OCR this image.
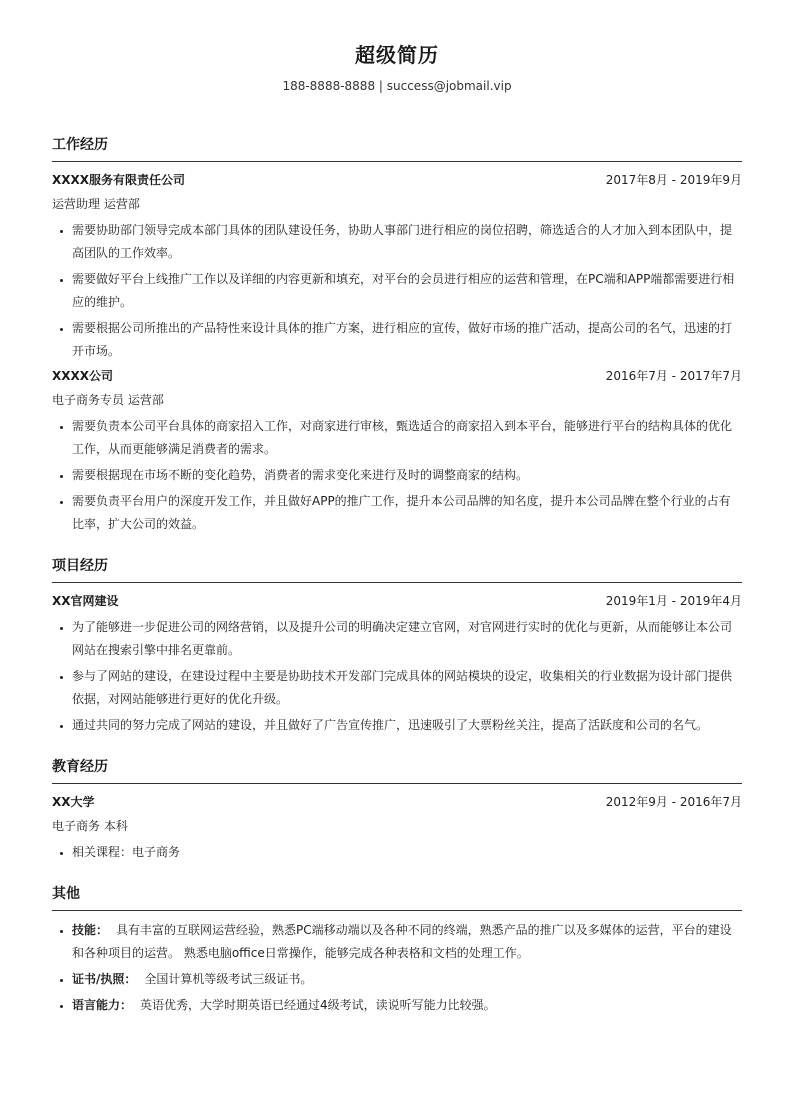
超级简历
188-8888-8888 | success@jobmail.vip
工作经历
XXXX服务有限责任公司	2017年8月 - 2019年9月
运营助理 运营部
• 需要协助部门领导完成本部门具体的团队建设任务，协助人事部门进行相应的岗位招聘，筛选适合的人才加入到本团队中，提高团队的工作效率。
• 需要做好平台上线推广工作以及详细的内容更新和填充，对平台的会员进行相应的运营和管理，在PC端和APP端都需要进行相应的维护。
• 需要根据公司所推出的产品特性来设计具体的推广方案，进行相应的宣传，做好市场的推广活动，提高公司的名气，迅速的打开市场。
XXXX公司	2016年7月 - 2017年7月
电子商务专员 运营部
• 需要负责本公司平台具体的商家招入工作，对商家进行审核，甄选适合的商家招入到本平台，能够进行平台的结构具体的优化工作，从而更能够满足消费者的需求。
• 需要根据现在市场不断的变化趋势，消费者的需求变化来进行及时的调整商家的结构。
• 需要负责平台用户的深度开发工作，并且做好APP的推广工作，提升本公司品牌的知名度，提升本公司品牌在整个行业的占有比率，扩大公司的效益。
项目经历
XX官网建设	2019年1月 - 2019年4月
• 为了能够进一步促进公司的网络营销，以及提升公司的明确决定建立官网，对官网进行实时的优化与更新，从而能够让本公司网站在搜索引擎中排名更靠前。
• 参与了网站的建设，在建设过程中主要是协助技术开发部门完成具体的网站模块的设定，收集相关的行业数据为设计部门提供依据，对网站能够进行更好的优化升级。
• 通过共同的努力完成了网站的建设，并且做好了广告宣传推广，迅速吸引了大票粉丝关注，提高了活跃度和公司的名气。
教育经历
XX大学	2012年9月 - 2016年7月
电子商务 本科
• 相关课程：电子商务
其他
• 技能： 具有丰富的互联网运营经验，熟悉PC端移动端以及各种不同的终端，熟悉产品的推广以及多媒体的运营，平台的建设和各种项目的运营。 熟悉电脑office日常操作，能够完成各种表格和文档的处理工作。
• 证书/执照： 全国计算机等级考试三级证书。
• 语言能力： 英语优秀，大学时期英语已经通过4级考试，读说听写能力比较强。
